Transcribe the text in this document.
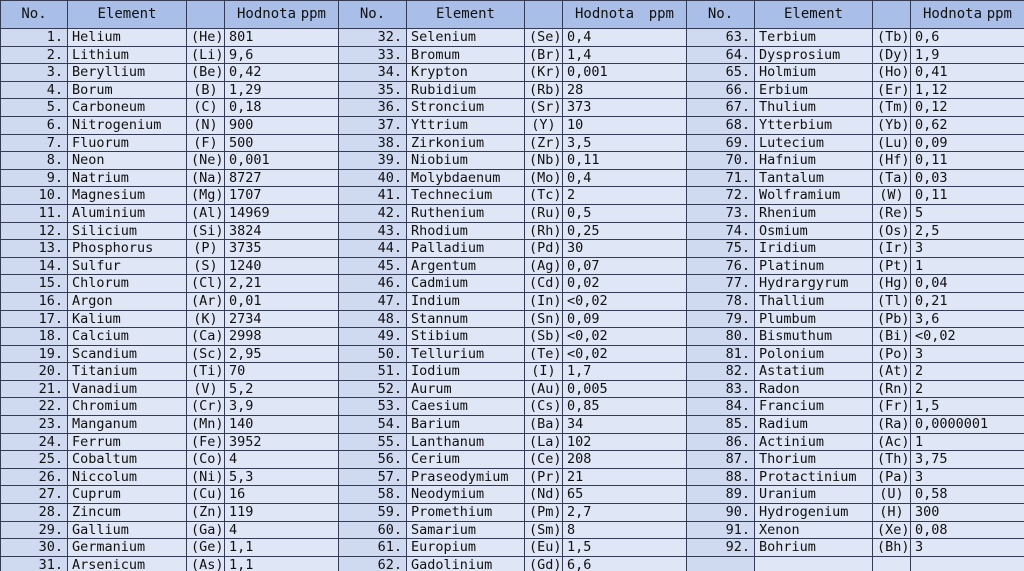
No.	Element		Hodnota ppm	No.	Element		Hodnota ppm	No.	Element		Hodnota ppm

1.	Helium	(He)	801	32.	Selenium	(Se)	0,4	63.	Terbium	(Tb)	0,6
2.	Lithium	(Li)	9,6	33.	Bromum	(Br)	1,4	64.	Dysprosium	(Dy)	1,9
3.	Beryllium	(Be)	0,42	34.	Krypton	(Kr)	0,001	65.	Holmium	(Ho)	0,41
4.	Borum	(B)	1,29	35.	Rubidium	(Rb)	28	66.	Erbium	(Er)	1,12
5.	Carboneum	(C)	0,18	36.	Stroncium	(Sr)	373	67.	Thulium	(Tm)	0,12
6.	Nitrogenium	(N)	900	37.	Yttrium	(Y)	10	68.	Ytterbium	(Yb)	0,62
7.	Fluorum	(F)	500	38.	Zirkonium	(Zr)	3,5	69.	Lutecium	(Lu)	0,09
8.	Neon	(Ne)	0,001	39.	Niobium	(Nb)	0,11	70.	Hafnium	(Hf)	0,11
9.	Natrium	(Na)	8727	40.	Molybdaenum	(Mo)	0,4	71.	Tantalum	(Ta)	0,03
10.	Magnesium	(Mg)	1707	41.	Technecium	(Tc)	2	72.	Wolframium	(W)	0,11
11.	Aluminium	(Al)	14969	42.	Ruthenium	(Ru)	0,5	73.	Rhenium	(Re)	5
12.	Silicium	(Si)	3824	43.	Rhodium	(Rh)	0,25	74.	Osmium	(Os)	2,5
13.	Phosphorus	(P)	3735	44.	Palladium	(Pd)	30	75.	Iridium	(Ir)	3
14.	Sulfur	(S)	1240	45.	Argentum	(Ag)	0,07	76.	Platinum	(Pt)	1
15.	Chlorum	(Cl)	2,21	46.	Cadmium	(Cd)	0,02	77.	Hydrargyrum	(Hg)	0,04
16.	Argon	(Ar)	0,01	47.	Indium	(In)	<0,02	78.	Thallium	(Tl)	0,21
17.	Kalium	(K)	2734	48.	Stannum	(Sn)	0,09	79.	Plumbum	(Pb)	3,6
18.	Calcium	(Ca)	2998	49.	Stibium	(Sb)	<0,02	80.	Bismuthum	(Bi)	<0,02
19.	Scandium	(Sc)	2,95	50.	Tellurium	(Te)	<0,02	81.	Polonium	(Po)	3
20.	Titanium	(Ti)	70	51.	Iodium	(I)	1,7	82.	Astatium	(At)	2
21.	Vanadium	(V)	5,2	52.	Aurum	(Au)	0,005	83.	Radon	(Rn)	2
22.	Chromium	(Cr)	3,9	53.	Caesium	(Cs)	0,85	84.	Francium	(Fr)	1,5
23.	Manganum	(Mn)	140	54.	Barium	(Ba)	34	85.	Radium	(Ra)	0,0000001
24.	Ferrum	(Fe)	3952	55.	Lanthanum	(La)	102	86.	Actinium	(Ac)	1
25.	Cobaltum	(Co)	4	56.	Cerium	(Ce)	208	87.	Thorium	(Th)	3,75
26.	Niccolum	(Ni)	5,3	57.	Praseodymium	(Pr)	21	88.	Protactinium	(Pa)	3
27.	Cuprum	(Cu)	16	58.	Neodymium	(Nd)	65	89.	Uranium	(U)	0,58
28.	Zincum	(Zn)	119	59.	Promethium	(Pm)	2,7	90.	Hydrogenium	(H)	300
29.	Gallium	(Ga)	4	60.	Samarium	(Sm)	8	91.	Xenon	(Xe)	0,08
30.	Germanium	(Ge)	1,1	61.	Europium	(Eu)	1,5	92.	Bohrium	(Bh)	3
31.	Arsenicum	(As)	1,1	62.	Gadolinium	(Gd)	6,6				
